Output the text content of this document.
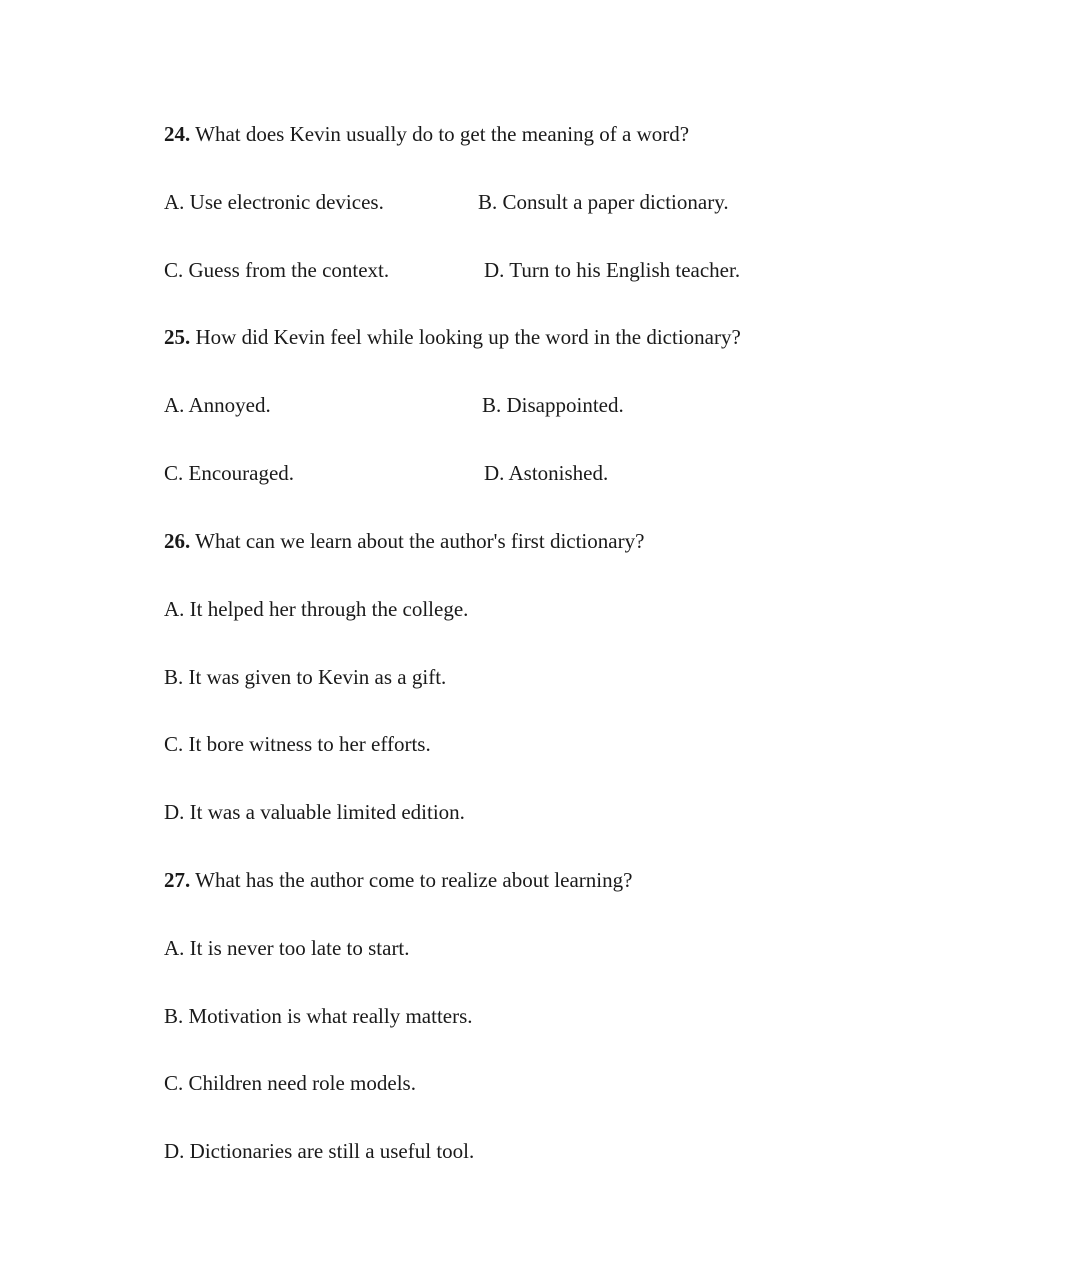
24. What does Kevin usually do to get the meaning of a word?
A. Use electronic devices.	B. Consult a paper dictionary.
C. Guess from the context.	D. Turn to his English teacher.
25. How did Kevin feel while looking up the word in the dictionary?
A. Annoyed.	B. Disappointed.
C. Encouraged.	D. Astonished.
26. What can we learn about the author's first dictionary?
A. It helped her through the college.
B. It was given to Kevin as a gift.
C. It bore witness to her efforts.
D. It was a valuable limited edition.
27. What has the author come to realize about learning?
A. It is never too late to start.
B. Motivation is what really matters.
C. Children need role models.
D. Dictionaries are still a useful tool.
